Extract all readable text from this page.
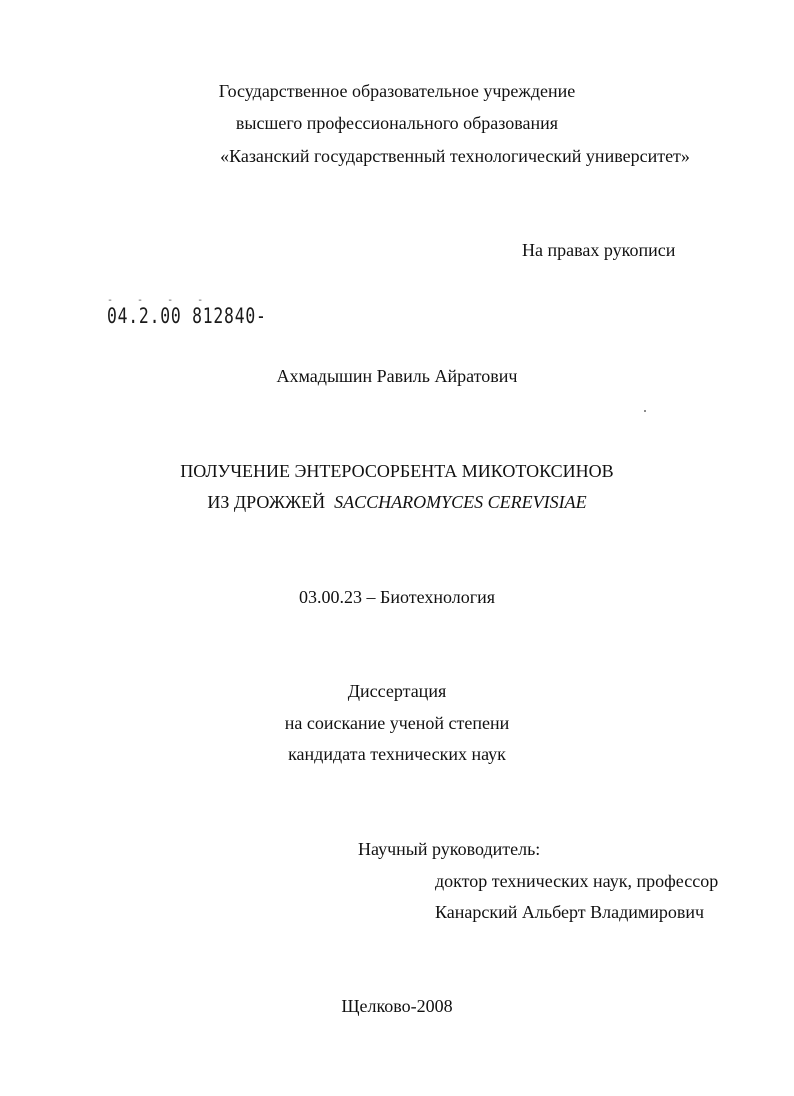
Государственное образовательное учреждение
высшего профессионального образования
«Казанский государственный технологический университет»
На правах рукописи
- - - -
04.2.00 812840-
Ахмадышин Равиль Айратович
ПОЛУЧЕНИЕ ЭНТЕРОСОРБЕНТА МИКОТОКСИНОВ
ИЗ ДРОЖЖЕЙ SACCHAROMYCES CEREVISIAE
03.00.23 – Биотехнология
Диссертация
на соискание ученой степени
кандидата технических наук
Научный руководитель:
доктор технических наук, профессор
Канарский Альберт Владимирович
Щелково-2008
